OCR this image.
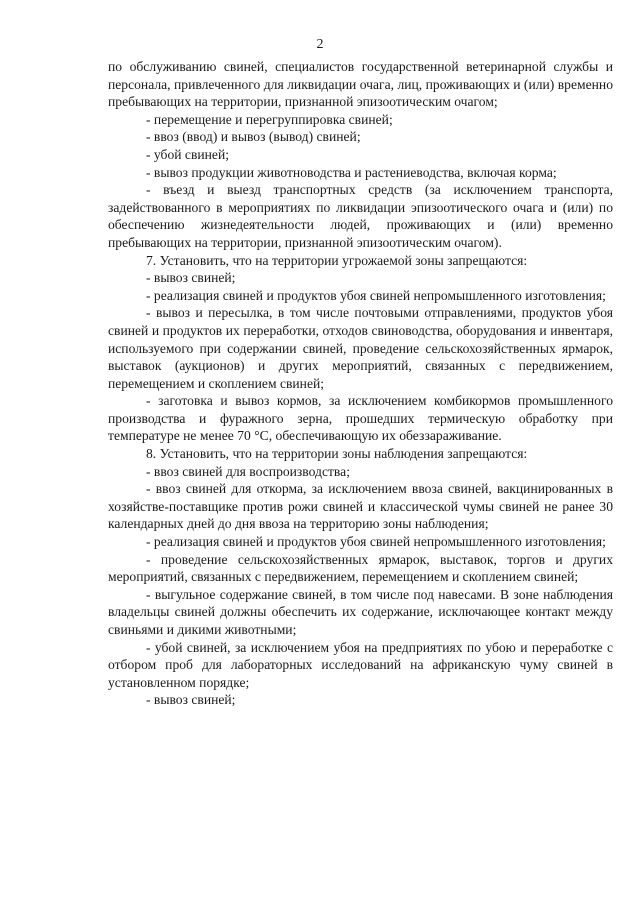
2

по обслуживанию свиней, специалистов государственной ветеринарной службы и персонала, привлеченного для ликвидации очага, лиц, проживающих и (или) временно пребывающих на территории, признанной эпизоотическим очагом;

- перемещение и перегруппировка свиней;

- ввоз (ввод) и вывоз (вывод) свиней;

- убой свиней;

- вывоз продукции животноводства и растениеводства, включая корма;

- въезд и выезд транспортных средств (за исключением транспорта, задействованного в мероприятиях по ликвидации эпизоотического очага и (или) по обеспечению жизнедеятельности людей, проживающих и (или) временно пребывающих на территории, признанной эпизоотическим очагом).

7. Установить, что на территории угрожаемой зоны запрещаются:

- вывоз свиней;

- реализация свиней и продуктов убоя свиней непромышленного изготовления;

- вывоз и пересылка, в том числе почтовыми отправлениями, продуктов убоя свиней и продуктов их переработки, отходов свиноводства, оборудования и инвентаря, используемого при содержании свиней, проведение сельскохозяйственных ярмарок, выставок (аукционов) и других мероприятий, связанных с передвижением, перемещением и скоплением свиней;

- заготовка и вывоз кормов, за исключением комбикормов промышленного производства и фуражного зерна, прошедших термическую обработку при температуре не менее 70 °С, обеспечивающую их обеззараживание.

8. Установить, что на территории зоны наблюдения запрещаются:

- ввоз свиней для воспроизводства;

- ввоз свиней для откорма, за исключением ввоза свиней, вакцинированных в хозяйстве-поставщике против рожи свиней и классической чумы свиней не ранее 30 календарных дней до дня ввоза на территорию зоны наблюдения;

- реализация свиней и продуктов убоя свиней непромышленного изготовления;

- проведение сельскохозяйственных ярмарок, выставок, торгов и других мероприятий, связанных с передвижением, перемещением и скоплением свиней;

- выгульное содержание свиней, в том числе под навесами. В зоне наблюдения владельцы свиней должны обеспечить их содержание, исключающее контакт между свиньями и дикими животными;

- убой свиней, за исключением убоя на предприятиях по убою и переработке с отбором проб для лабораторных исследований на африканскую чуму свиней в установленном порядке;

- вывоз свиней;
